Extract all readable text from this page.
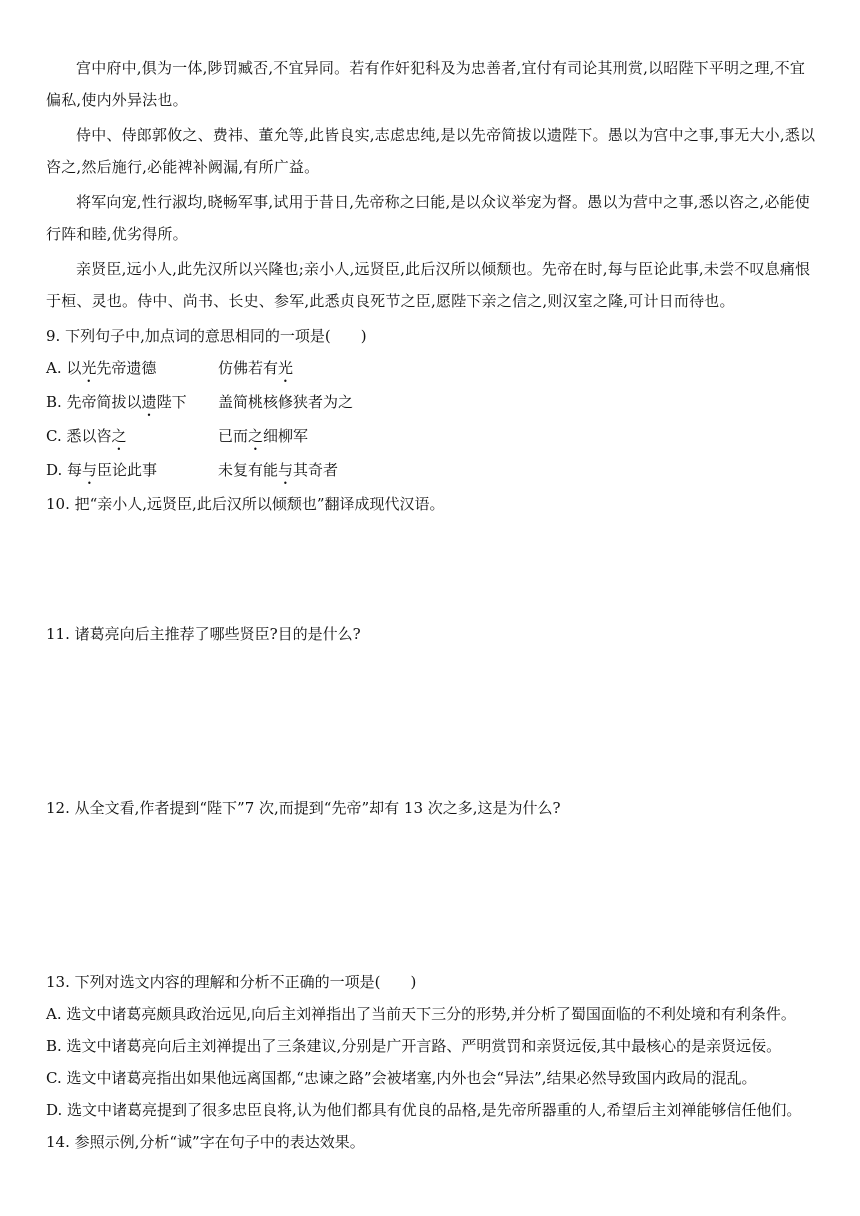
宫中府中,俱为一体,陟罚臧否,不宜异同。若有作奸犯科及为忠善者,宜付有司论其刑赏,以昭陛下平明之理,不宜偏私,使内外异法也。

侍中、侍郎郭攸之、费祎、董允等,此皆良实,志虑忠纯,是以先帝简拔以遗陛下。愚以为宫中之事,事无大小,悉以咨之,然后施行,必能裨补阙漏,有所广益。

将军向宠,性行淑均,晓畅军事,试用于昔日,先帝称之曰能,是以众议举宠为督。愚以为营中之事,悉以咨之,必能使行阵和睦,优劣得所。

亲贤臣,远小人,此先汉所以兴隆也;亲小人,远贤臣,此后汉所以倾颓也。先帝在时,每与臣论此事,未尝不叹息痛恨于桓、灵也。侍中、尚书、长史、参军,此悉贞良死节之臣,愿陛下亲之信之,则汉室之隆,可计日而待也。

9. 下列句子中,加点词的意思相同的一项是(　　)

A. 以光先帝遗德	仿佛若有光
B. 先帝简拔以遗陛下	盖简桃核修狭者为之
C. 悉以咨之	已而之细柳军
D. 每与臣论此事	未复有能与其奇者

10. 把“亲小人,远贤臣,此后汉所以倾颓也”翻译成现代汉语。

11. 诸葛亮向后主推荐了哪些贤臣?目的是什么?

12. 从全文看,作者提到“陛下”7 次,而提到“先帝”却有 13 次之多,这是为什么?

13. 下列对选文内容的理解和分析不正确的一项是(　　)

A. 选文中诸葛亮颇具政治远见,向后主刘禅指出了当前天下三分的形势,并分析了蜀国面临的不利处境和有利条件。

B. 选文中诸葛亮向后主刘禅提出了三条建议,分别是广开言路、严明赏罚和亲贤远佞,其中最核心的是亲贤远佞。

C. 选文中诸葛亮指出如果他远离国都,“忠谏之路”会被堵塞,内外也会“异法”,结果必然导致国内政局的混乱。

D. 选文中诸葛亮提到了很多忠臣良将,认为他们都具有优良的品格,是先帝所器重的人,希望后主刘禅能够信任他们。

14. 参照示例,分析“诚”字在句子中的表达效果。
